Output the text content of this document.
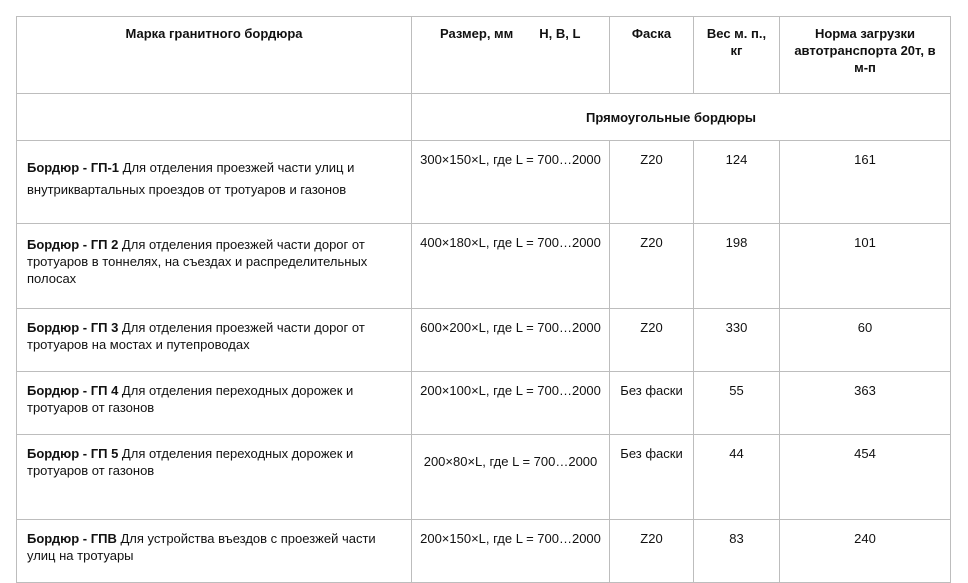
Марка гранитного бордюра	Размер, мм H, B, L	Фаска	Вес м. п., кг	Норма загрузки автотранспорта 20т, в м-п
	Прямоугольные бордюры			
Бордюр - ГП-1 Для отделения проезжей части улиц и внутриквартальных проездов от тротуаров и газонов	300×150×L, где L = 700…2000	Z20	124	161
Бордюр - ГП 2 Для отделения проезжей части дорог от тротуаров в тоннелях, на съездах и распределительных полосах	400×180×L, где L = 700…2000	Z20	198	101
Бордюр - ГП 3 Для отделения проезжей части дорог от тротуаров на мостах и путепроводах	600×200×L, где L = 700…2000	Z20	330	60
Бордюр - ГП 4 Для отделения переходных дорожек и тротуаров от газонов	200×100×L, где L = 700…2000	Без фаски	55	363
Бордюр - ГП 5 Для отделения переходных дорожек и тротуаров от газонов	200×80×L, где L = 700…2000	Без фаски	44	454
Бордюр - ГПВ Для устройства въездов с проезжей части улиц на тротуары	200×150×L, где L = 700…2000	Z20	83	240
